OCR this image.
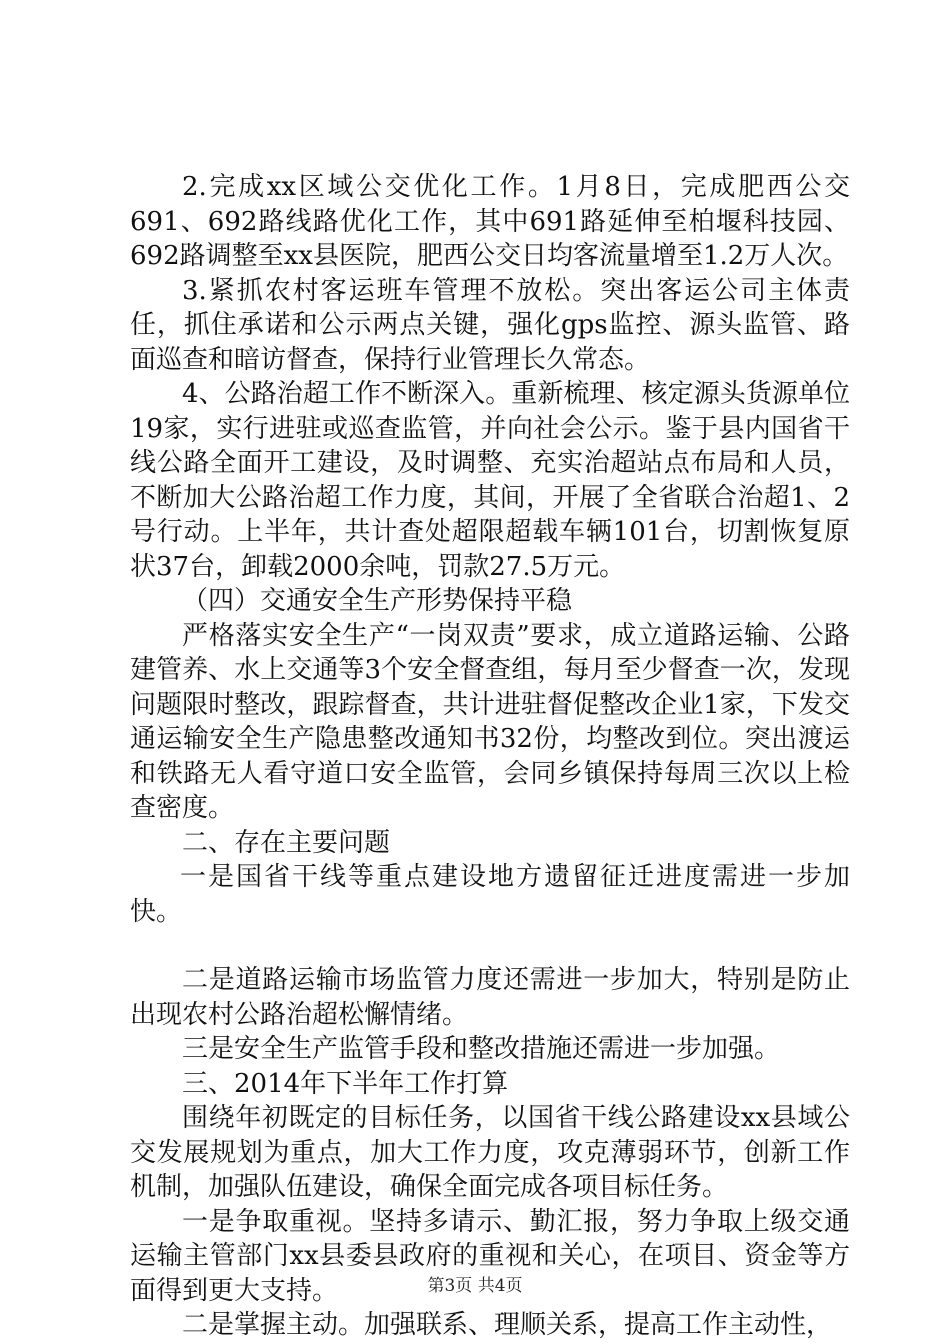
2.完成xx区域公交优化工作。1月8日，完成肥西公交691、692路线路优化工作，其中691路延伸至柏堰科技园、692路调整至xx县医院，肥西公交日均客流量增至1.2万人次。

3.紧抓农村客运班车管理不放松。突出客运公司主体责任，抓住承诺和公示两点关键，强化gps监控、源头监管、路面巡查和暗访督查，保持行业管理长久常态。

4、公路治超工作不断深入。重新梳理、核定源头货源单位19家，实行进驻或巡查监管，并向社会公示。鉴于县内国省干线公路全面开工建设，及时调整、充实治超站点布局和人员，不断加大公路治超工作力度，其间，开展了全省联合治超1、2号行动。上半年，共计查处超限超载车辆101台，切割恢复原状37台，卸载2000余吨，罚款27.5万元。

（四）交通安全生产形势保持平稳

严格落实安全生产“一岗双责”要求，成立道路运输、公路建管养、水上交通等3个安全督查组，每月至少督查一次，发现问题限时整改，跟踪督查，共计进驻督促整改企业1家，下发交通运输安全生产隐患整改通知书32份，均整改到位。突出渡运和铁路无人看守道口安全监管，会同乡镇保持每周三次以上检查密度。

二、存在主要问题

一是国省干线等重点建设地方遗留征迁进度需进一步加快。

二是道路运输市场监管力度还需进一步加大，特别是防止出现农村公路治超松懈情绪。

三是安全生产监管手段和整改措施还需进一步加强。

三、2014年下半年工作打算

围绕年初既定的目标任务，以国省干线公路建设xx县域公交发展规划为重点，加大工作力度，攻克薄弱环节，创新工作机制，加强队伍建设，确保全面完成各项目标任务。

一是争取重视。坚持多请示、勤汇报，努力争取上级交通运输主管部门xx县委县政府的重视和关心，在项目、资金等方面得到更大支持。

二是掌握主动。加强联系、理顺关系，提高工作主动性，

第3页 共4页
